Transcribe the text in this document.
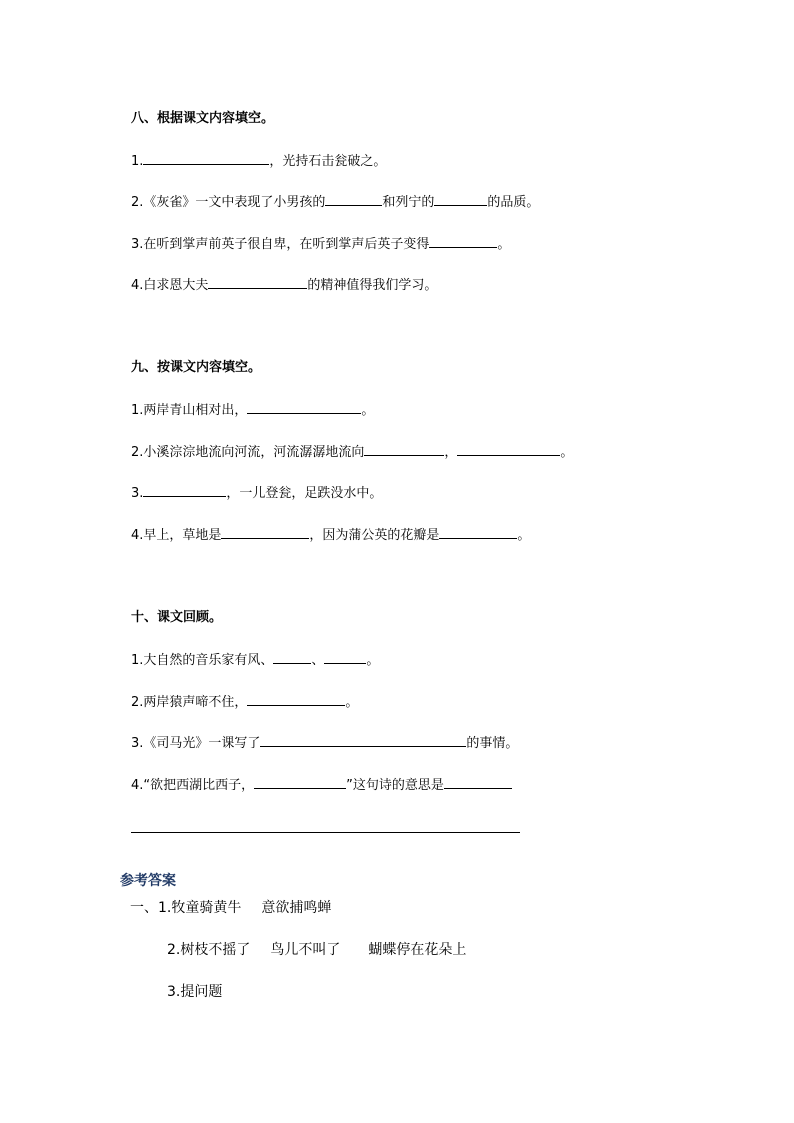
八、根据课文内容填空。
1.	，光持石击瓮破之。
2.《灰雀》一文中表现了小男孩的	和列宁的	的品质。
3.在听到掌声前英子很自卑，在听到掌声后英子变得	。
4.白求恩大夫	的精神值得我们学习。
九、按课文内容填空。
1.两岸青山相对出，	。
2.小溪淙淙地流向河流，河流潺潺地流向	，	。
3.	，一儿登瓮，足跌没水中。
4.早上，草地是	，因为蒲公英的花瓣是	。
十、课文回顾。
1.大自然的音乐家有风、	、	。
2.两岸猿声啼不住，	。
3.《司马光》一课写了	的事情。
4.“欲把西湖比西子，	”这句诗的意思是
参考答案
一、1.牧童骑黄牛 意欲捕鸣蝉
2.树枝不摇了 鸟儿不叫了 蝴蝶停在花朵上
3.提问题
